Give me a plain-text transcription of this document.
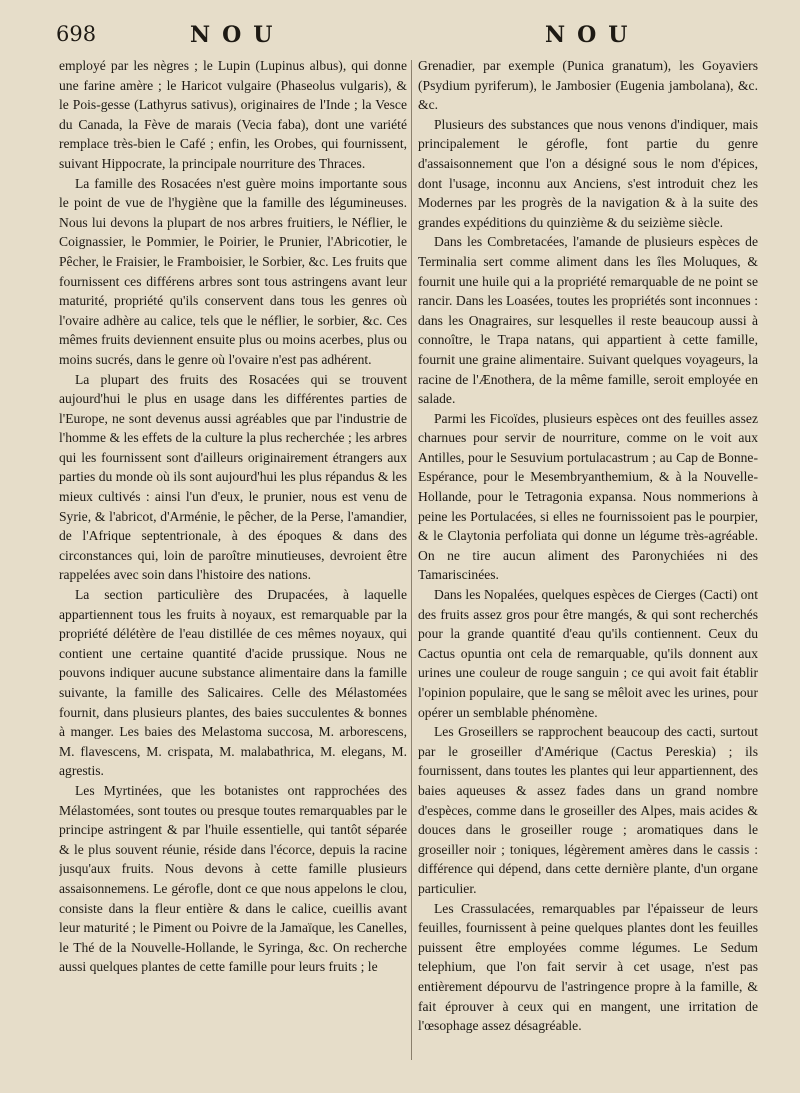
698	NOU	NOU

employé par les nègres ; le Lupin (Lupinus albus), qui donne une farine amère ; le Haricot vulgaire (Phaseolus vulgaris), & le Pois-gesse (Lathyrus sativus), originaires de l'Inde ; la Vesce du Canada, la Fève de marais (Vecia faba), dont une variété remplace très-bien le Café ; enfin, les Orobes, qui fournissent, suivant Hippocrate, la principale nourriture des Thraces.

La famille des Rosacées n'est guère moins importante sous le point de vue de l'hygiène que la famille des légumineuses. Nous lui devons la plupart de nos arbres fruitiers, le Néflier, le Coignassier, le Pommier, le Poirier, le Prunier, l'Abricotier, le Pêcher, le Fraisier, le Framboisier, le Sorbier, &c. Les fruits que fournissent ces différens arbres sont tous astringens avant leur maturité, propriété qu'ils conservent dans tous les genres où l'ovaire adhère au calice, tels que le néflier, le sorbier, &c. Ces mêmes fruits deviennent ensuite plus ou moins acerbes, plus ou moins sucrés, dans le genre où l'ovaire n'est pas adhérent.

La plupart des fruits des Rosacées qui se trouvent aujourd'hui le plus en usage dans les différentes parties de l'Europe, ne sont devenus aussi agréables que par l'industrie de l'homme & les effets de la culture la plus recherchée ; les arbres qui les fournissent sont d'ailleurs originairement étrangers aux parties du monde où ils sont aujourd'hui les plus répandus & les mieux cultivés : ainsi l'un d'eux, le prunier, nous est venu de Syrie, & l'abricot, d'Arménie, le pêcher, de la Perse, l'amandier, de l'Afrique septentrionale, à des époques & dans des circonstances qui, loin de paroître minutieuses, devroient être rappelées avec soin dans l'histoire des nations.

La section particulière des Drupacées, à laquelle appartiennent tous les fruits à noyaux, est remarquable par la propriété délétère de l'eau distillée de ces mêmes noyaux, qui contient une certaine quantité d'acide prussique. Nous ne pouvons indiquer aucune substance alimentaire dans la famille suivante, la famille des Salicaires. Celle des Mélastomées fournit, dans plusieurs plantes, des baies succulentes & bonnes à manger. Les baies des Melastoma succosa, M. arborescens, M. flavescens, M. crispata, M. malabathrica, M. elegans, M. agrestis.

Les Myrtinées, que les botanistes ont rapprochées des Mélastomées, sont toutes ou presque toutes remarquables par le principe astringent & par l'huile essentielle, qui tantôt séparée & le plus souvent réunie, réside dans l'écorce, depuis la racine jusqu'aux fruits. Nous devons à cette famille plusieurs assaisonnemens. Le gérofle, dont ce que nous appelons le clou, consiste dans la fleur entière & dans le calice, cueillis avant leur maturité ; le Piment ou Poivre de la Jamaïque, les Canelles, le Thé de la Nouvelle-Hollande, le Syringa, &c. On recherche aussi quelques plantes de cette famille pour leurs fruits ; le

Grenadier, par exemple (Punica granatum), les Goyaviers (Psydium pyriferum), le Jambosier (Eugenia jambolana), &c. &c.

Plusieurs des substances que nous venons d'indiquer, mais principalement le gérofle, font partie du genre d'assaisonnement que l'on a désigné sous le nom d'épices, dont l'usage, inconnu aux Anciens, s'est introduit chez les Modernes par les progrès de la navigation & à la suite des grandes expéditions du quinzième & du seizième siècle.

Dans les Combretacées, l'amande de plusieurs espèces de Terminalia sert comme aliment dans les îles Moluques, & fournit une huile qui a la propriété remarquable de ne point se rancir. Dans les Loasées, toutes les propriétés sont inconnues : dans les Onagraires, sur lesquelles il reste beaucoup aussi à connoître, le Trapa natans, qui appartient à cette famille, fournit une graine alimentaire. Suivant quelques voyageurs, la racine de l'Ænothera, de la même famille, seroit employée en salade.

Parmi les Ficoïdes, plusieurs espèces ont des feuilles assez charnues pour servir de nourriture, comme on le voit aux Antilles, pour le Sesuvium portulacastrum ; au Cap de Bonne-Espérance, pour le Mesembryanthemium, & à la Nouvelle-Hollande, pour le Tetragonia expansa. Nous nommerions à peine les Portulacées, si elles ne fournissoient pas le pourpier, & le Claytonia perfoliata qui donne un légume très-agréable. On ne tire aucun aliment des Paronychiées ni des Tamariscinées.

Dans les Nopalées, quelques espèces de Cierges (Cacti) ont des fruits assez gros pour être mangés, & qui sont recherchés pour la grande quantité d'eau qu'ils contiennent. Ceux du Cactus opuntia ont cela de remarquable, qu'ils donnent aux urines une couleur de rouge sanguin ; ce qui avoit fait établir l'opinion populaire, que le sang se mêloit avec les urines, pour opérer un semblable phénomène.

Les Groseillers se rapprochent beaucoup des cacti, surtout par le groseiller d'Amérique (Cactus Pereskia) ; ils fournissent, dans toutes les plantes qui leur appartiennent, des baies aqueuses & assez fades dans un grand nombre d'espèces, comme dans le groseiller des Alpes, mais acides & douces dans le groseiller rouge ; aromatiques dans le groseiller noir ; toniques, légèrement amères dans le cassis : différence qui dépend, dans cette dernière plante, d'un organe particulier.

Les Crassulacées, remarquables par l'épaisseur de leurs feuilles, fournissent à peine quelques plantes dont les feuilles puissent être employées comme légumes. Le Sedum telephium, que l'on fait servir à cet usage, n'est pas entièrement dépourvu de l'astringence propre à la famille, & fait éprouver à ceux qui en mangent, une irritation de l'œsophage assez désagréable.
